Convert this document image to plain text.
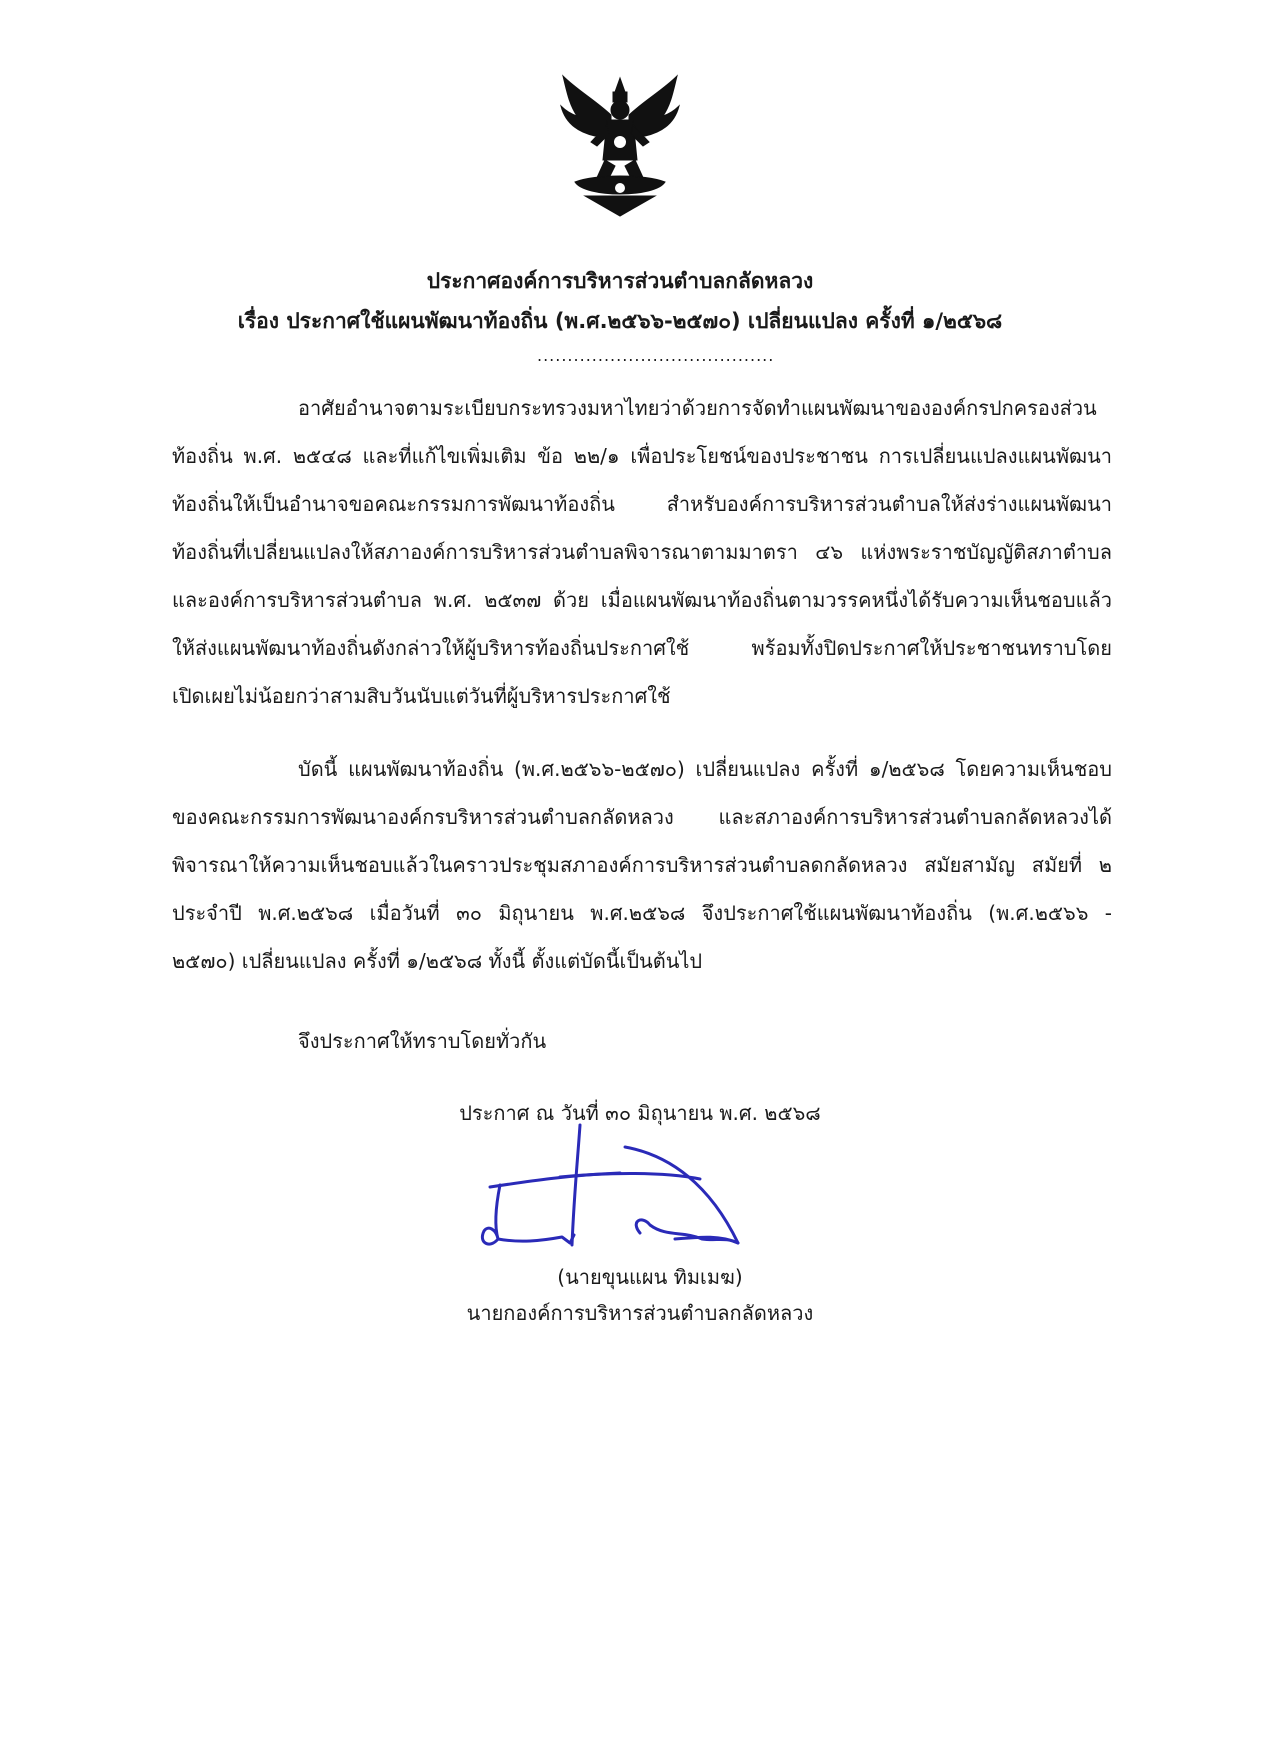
ประกาศองค์การบริหารส่วนตำบลกลัดหลวง
เรื่อง ประกาศใช้แผนพัฒนาท้องถิ่น (พ.ศ.๒๕๖๖-๒๕๗๐) เปลี่ยนแปลง ครั้งที่ ๑/๒๕๖๘
.......................................
อาศัยอำนาจตามระเบียบกระทรวงมหาไทยว่าด้วยการจัดทำแผนพัฒนาขององค์กรปกครองส่วน
ท้องถิ่น พ.ศ. ๒๕๔๘ และที่แก้ไขเพิ่มเติม ข้อ ๒๒/๑ เพื่อประโยชน์ของประชาชน การเปลี่ยนแปลงแผนพัฒนา
ท้องถิ่นให้เป็นอำนาจขอคณะกรรมการพัฒนาท้องถิ่น สำหรับองค์การบริหารส่วนตำบลให้ส่งร่างแผนพัฒนา
ท้องถิ่นที่เปลี่ยนแปลงให้สภาองค์การบริหารส่วนตำบลพิจารณาตามมาตรา ๔๖ แห่งพระราชบัญญัติสภาตำบล
และองค์การบริหารส่วนตำบล พ.ศ. ๒๕๓๗ ด้วย เมื่อแผนพัฒนาท้องถิ่นตามวรรคหนึ่งได้รับความเห็นชอบแล้ว
ให้ส่งแผนพัฒนาท้องถิ่นดังกล่าวให้ผู้บริหารท้องถิ่นประกาศใช้ พร้อมทั้งปิดประกาศให้ประชาชนทราบโดย
เปิดเผยไม่น้อยกว่าสามสิบวันนับแต่วันที่ผู้บริหารประกาศใช้
บัดนี้ แผนพัฒนาท้องถิ่น (พ.ศ.๒๕๖๖-๒๕๗๐) เปลี่ยนแปลง ครั้งที่ ๑/๒๕๖๘ โดยความเห็นชอบ
ของคณะกรรมการพัฒนาองค์กรบริหารส่วนตำบลกลัดหลวง และสภาองค์การบริหารส่วนตำบลกลัดหลวงได้
พิจารณาให้ความเห็นชอบแล้วในคราวประชุมสภาองค์การบริหารส่วนตำบลดกลัดหลวง สมัยสามัญ สมัยที่ ๒
ประจำปี พ.ศ.๒๕๖๘ เมื่อวันที่ ๓๐ มิถุนายน พ.ศ.๒๕๖๘ จึงประกาศใช้แผนพัฒนาท้องถิ่น (พ.ศ.๒๕๖๖ -
๒๕๗๐) เปลี่ยนแปลง ครั้งที่ ๑/๒๕๖๘ ทั้งนี้ ตั้งแต่บัดนี้เป็นต้นไป
จึงประกาศให้ทราบโดยทั่วกัน
ประกาศ ณ วันที่ ๓๐ มิถุนายน พ.ศ. ๒๕๖๘
(นายขุนแผน ทิมเมฆ)
นายกองค์การบริหารส่วนตำบลกลัดหลวง
